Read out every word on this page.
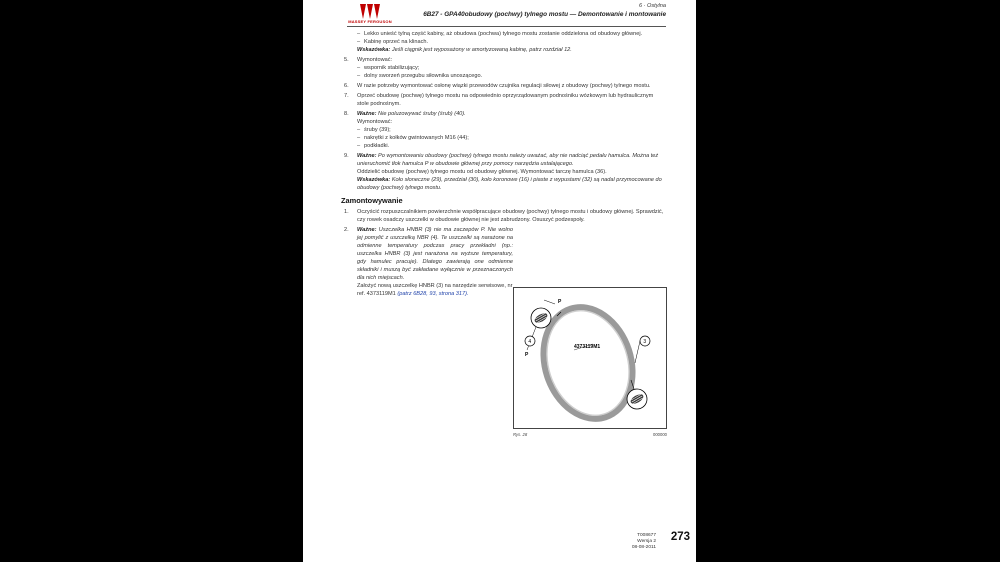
MASSEY FERGUSON
6 · Ostylna
6B27 - GPA40obudowy (pochwy) tylnego mostu — Demontowanie i montowanie

– Lekko unieść tylną część kabiny, aż obudowa (pochwa) tylnego mostu zostanie oddzielona od obudowy głównej.

– Kabinę oprzeć na klinach.

Wskazówka: Jeśli ciągnik jest wyposażony w amortyzowaną kabinę, patrz rozdział 12.

5. Wymontować:

– wspornik stabilizujący;

– dolny sworzeń przegubu siłownika unoszącego.

6. W razie potrzeby wymontować osłonę wiązki przewodów czujnika regulacji siłowej z obudowy (pochwy) tylnego mostu.

7. Oprzeć obudowę (pochwę) tylnego mostu na odpowiednio oprzyrządowanym podnośniku wózkowym lub hydraulicznym stole podnośnym.

8. Ważne: Nie poluzowywać śruby (śrub) (40).

Wymontować:

– śruby (39);

– nakrętki z kołków gwintowanych M16 (44);

– podkładki.

9. Ważne: Po wymontowaniu obudowy (pochwy) tylnego mostu należy uważać, aby nie nadciąć pedału hamulca. Można też unieruchomić tłok hamulca P w obudowie głównej przy pomocy narzędzia ustalającego.

Oddzielić obudowę (pochwę) tylnego mostu od obudowy głównej. Wymontować tarczę hamulca (36).

Wskazówka: Koło słoneczne (29), przedział (30), koło koronowe (16) i piaste z wypustami (32) są nadal przymocowane do obudowy (pochwy) tylnego mostu.

Zamontowywanie

1. Oczyścić rozpuszczalnikiem powierzchnie współpracujące obudowy (pochwy) tylnego mostu i obudowy głównej. Sprawdzić, czy rowek osadczy uszczelki w obudowie głównej nie jest zabrudzony. Osuszyć podzespoły.

2. Ważne: Uszczelka HNBR (3) nie ma zaczepów P. Nie wolno jej pomylić z uszczelką NBR (4). Te uszczelki są narażone na odmienne temperatury podczas pracy przekładni (np.: uszczelka HNBR (3) jest narażona na wyższe temperatury, gdy hamulec pracuje). Dlatego zawierają one odmienne składniki i muszą być zakładane wyłącznie w przeznaczonych dla nich miejscach.

Założyć nową uszczelkę HNBR (3) na narzędzie serwisowe, nr ref. 4373119M1 (patrz 6B28, 93, strona 317).

P
4
P
4373119M1
3
Rys. 28	000000
T008677
Wersja 2
08-08-2011
273
